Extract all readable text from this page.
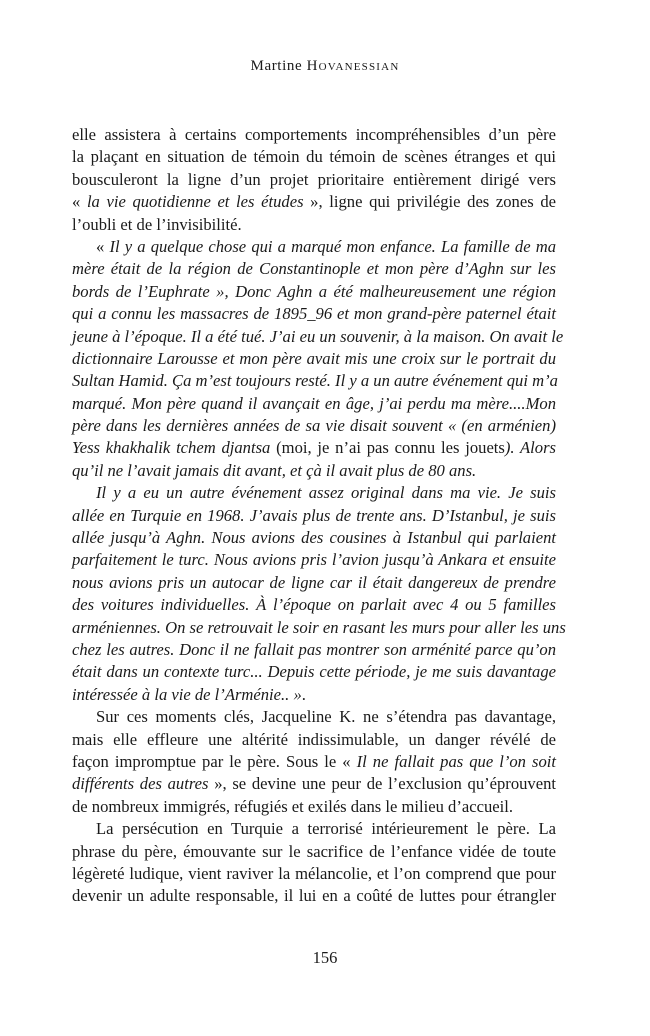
Martine Hovanessian
elle assistera à certains comportements incompréhensibles d’un père
la plaçant en situation de témoin du témoin de scènes étranges et qui
bousculeront la ligne d’un projet prioritaire entièrement dirigé vers
« la vie quotidienne et les études », ligne qui privilégie des zones de
l’oubli et de l’invisibilité.
« Il y a quelque chose qui a marqué mon enfance. La famille de ma
mère était de la région de Constantinople et mon père d’Aghn sur les
bords de l’Euphrate », Donc Aghn a été malheureusement une région
qui a connu les massacres de 1895_96 et mon grand-père paternel était
jeune à l’époque. Il a été tué. J’ai eu un souvenir, à la maison. On avait le
dictionnaire Larousse et mon père avait mis une croix sur le portrait du
Sultan Hamid. Ça m’est toujours resté. Il y a un autre événement qui m’a
marqué. Mon père quand il avançait en âge, j’ai perdu ma mère....Mon
père dans les dernières années de sa vie disait souvent « (en arménien)
Yess khakhalik tchem djantsa (moi, je n’ai pas connu les jouets). Alors
qu’il ne l’avait jamais dit avant, et çà il avait plus de 80 ans.
Il y a eu un autre événement assez original dans ma vie. Je suis
allée en Turquie en 1968. J’avais plus de trente ans. D’Istanbul, je suis
allée jusqu’à Aghn. Nous avions des cousines à Istanbul qui parlaient
parfaitement le turc. Nous avions pris l’avion jusqu’à Ankara et ensuite
nous avions pris un autocar de ligne car il était dangereux de prendre
des voitures individuelles. À l’époque on parlait avec 4 ou 5 familles
arméniennes. On se retrouvait le soir en rasant les murs pour aller les uns
chez les autres. Donc il ne fallait pas montrer son arménité parce qu’on
était dans un contexte turc... Depuis cette période, je me suis davantage
intéressée à la vie de l’Arménie.. ».
Sur ces moments clés, Jacqueline K. ne s’étendra pas davantage,
mais elle effleure une altérité indissimulable, un danger révélé de
façon impromptue par le père. Sous le « Il ne fallait pas que l’on soit
différents des autres », se devine une peur de l’exclusion qu’éprouvent
de nombreux immigrés, réfugiés et exilés dans le milieu d’accueil.
La persécution en Turquie a terrorisé intérieurement le père. La
phrase du père, émouvante sur le sacrifice de l’enfance vidée de toute
légèreté ludique, vient raviver la mélancolie, et l’on comprend que pour
devenir un adulte responsable, il lui en a coûté de luttes pour étrangler
156
